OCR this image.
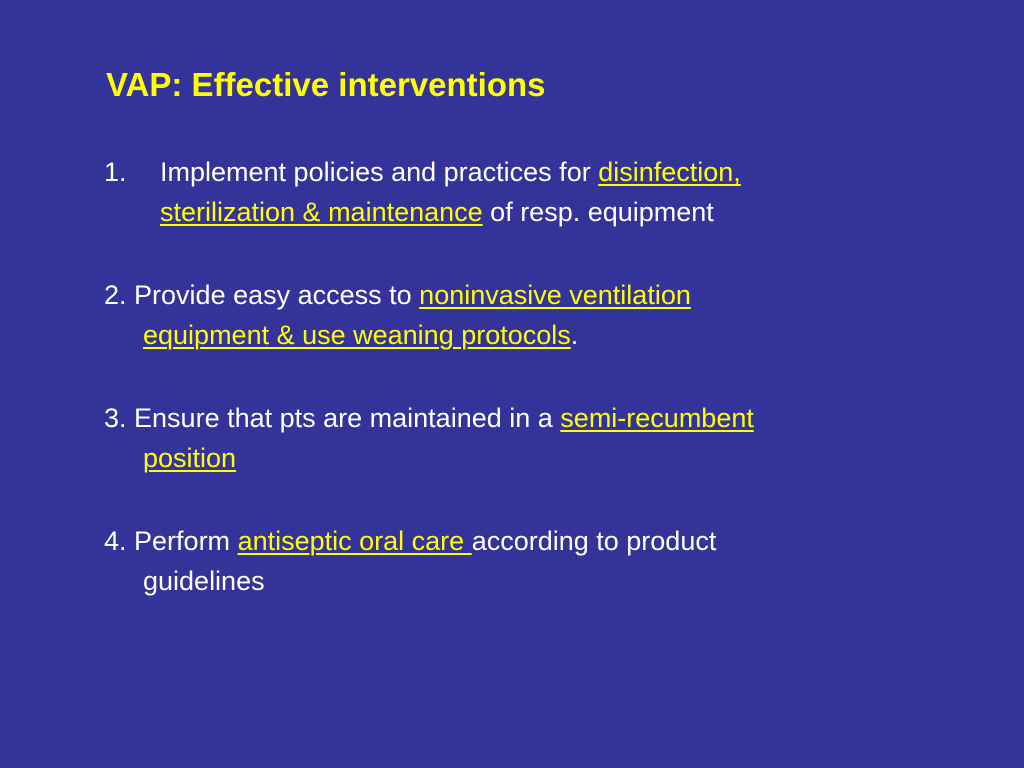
VAP: Effective interventions
1. Implement policies and practices for disinfection,
sterilization & maintenance of resp. equipment
2. Provide easy access to noninvasive ventilation
equipment & use weaning protocols.
3. Ensure that pts are maintained in a semi-recumbent
position
4. Perform antiseptic oral care according to product
guidelines
